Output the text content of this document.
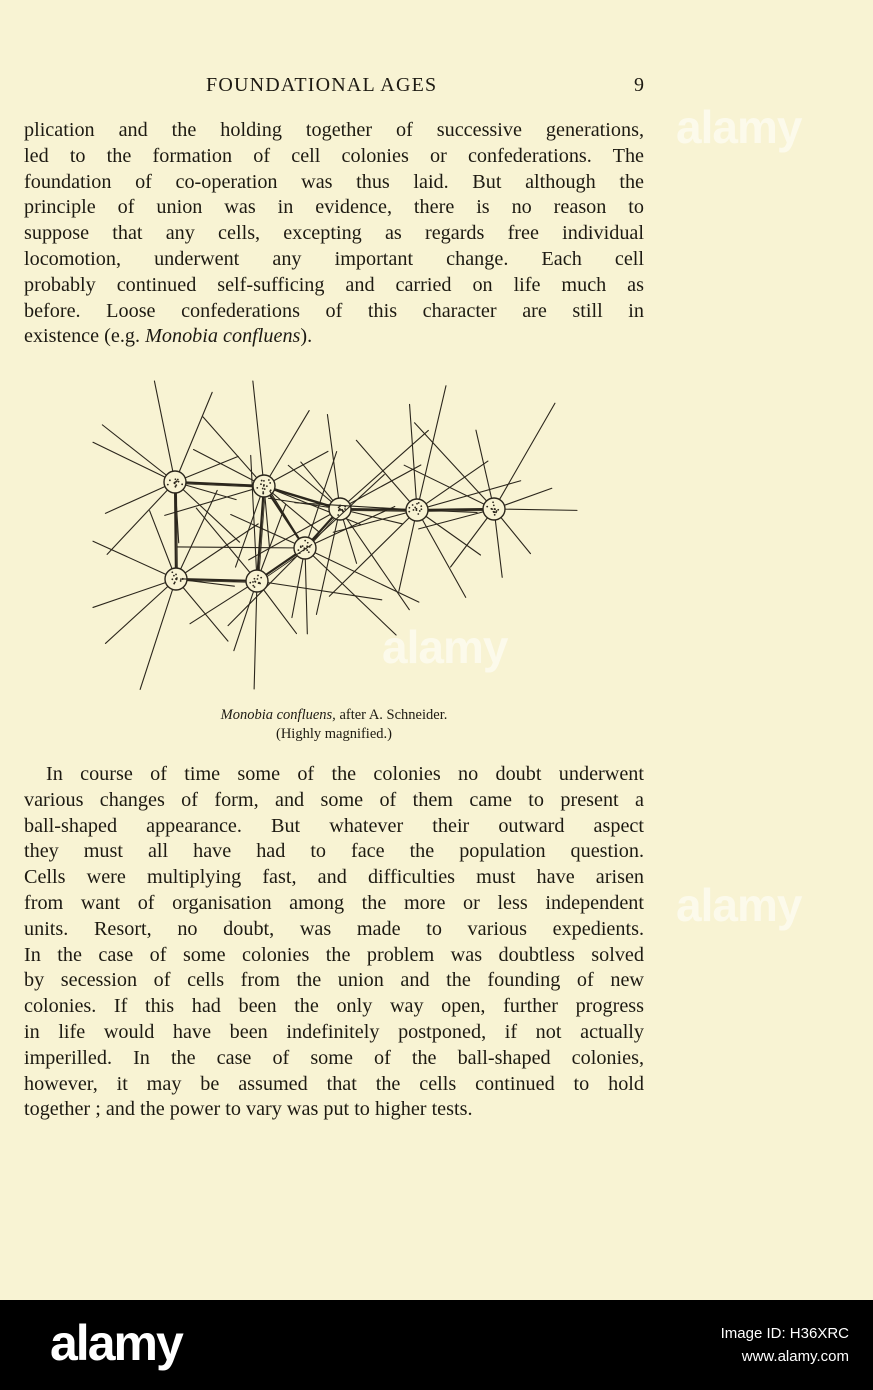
FOUNDATIONAL AGES	9
plication and the holding together of successive generations,
led to the formation of cell colonies or confederations. The
foundation of co-operation was thus laid. But although the
principle of union was in evidence, there is no reason to
suppose that any cells, excepting as regards free individual
locomotion, underwent any important change. Each cell
probably continued self-sufficing and carried on life much as
before. Loose confederations of this character are still in
existence (e.g. Monobia confluens).
Monobia confluens, after A. Schneider.
(Highly magnified.)
In course of time some of the colonies no doubt underwent
various changes of form, and some of them came to present a
ball-shaped appearance. But whatever their outward aspect
they must all have had to face the population question.
Cells were multiplying fast, and difficulties must have arisen
from want of organisation among the more or less independent
units. Resort, no doubt, was made to various expedients.
In the case of some colonies the problem was doubtless solved
by secession of cells from the union and the founding of new
colonies. If this had been the only way open, further progress
in life would have been indefinitely postponed, if not actually
imperilled. In the case of some of the ball-shaped colonies,
however, it may be assumed that the cells continued to hold
together ; and the power to vary was put to higher tests.
alamy
alamy
alamy
alamy	Image ID: H36XRC
www.alamy.com
